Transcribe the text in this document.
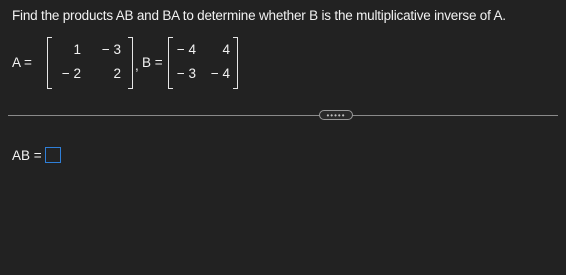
Find the products AB and BA to determine whether B is the multiplicative inverse of A.
A =
1 − 3
− 2	2
, B =
− 4	4
− 3 − 4
•••••
AB =
